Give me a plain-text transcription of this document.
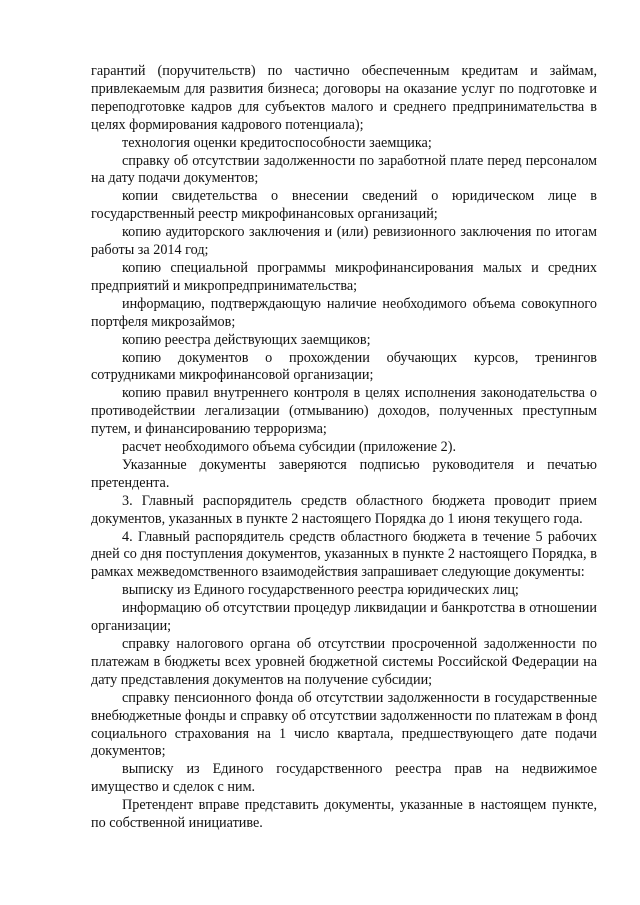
гарантий (поручительств) по частично обеспеченным кредитам и займам, привлекаемым для развития бизнеса; договоры на оказание услуг по подготовке и переподготовке кадров для субъектов малого и среднего предпринимательства в целях формирования кадрового потенциала);

технология оценки кредитоспособности заемщика;

справку об отсутствии задолженности по заработной плате перед персоналом на дату подачи документов;

копии свидетельства о внесении сведений о юридическом лице в государственный реестр микрофинансовых организаций;

копию аудиторского заключения и (или) ревизионного заключения по итогам работы за 2014 год;

копию специальной программы микрофинансирования малых и средних предприятий и микропредпринимательства;

информацию, подтверждающую наличие необходимого объема совокупного портфеля микрозаймов;

копию реестра действующих заемщиков;

копию документов о прохождении обучающих курсов, тренингов сотрудниками микрофинансовой организации;

копию правил внутреннего контроля в целях исполнения законодательства о противодействии легализации (отмыванию) доходов, полученных преступным путем, и финансированию терроризма;

расчет необходимого объема субсидии (приложение 2).

Указанные документы заверяются подписью руководителя и печатью претендента.

3. Главный распорядитель средств областного бюджета проводит прием документов, указанных в пункте 2 настоящего Порядка до 1 июня текущего года.

4. Главный распорядитель средств областного бюджета в течение 5 рабочих дней со дня поступления документов, указанных в пункте 2 настоящего Порядка, в рамках межведомственного взаимодействия запрашивает следующие документы:

выписку из Единого государственного реестра юридических лиц;

информацию об отсутствии процедур ликвидации и банкротства в отношении организации;

справку налогового органа об отсутствии просроченной задолженности по платежам в бюджеты всех уровней бюджетной системы Российской Федерации на дату представления документов на получение субсидии;

справку пенсионного фонда об отсутствии задолженности в государственные внебюджетные фонды и справку об отсутствии задолженности по платежам в фонд социального страхования на 1 число квартала, предшествующего дате подачи документов;

выписку из Единого государственного реестра прав на недвижимое имущество и сделок с ним.

Претендент вправе представить документы, указанные в настоящем пункте, по собственной инициативе.
